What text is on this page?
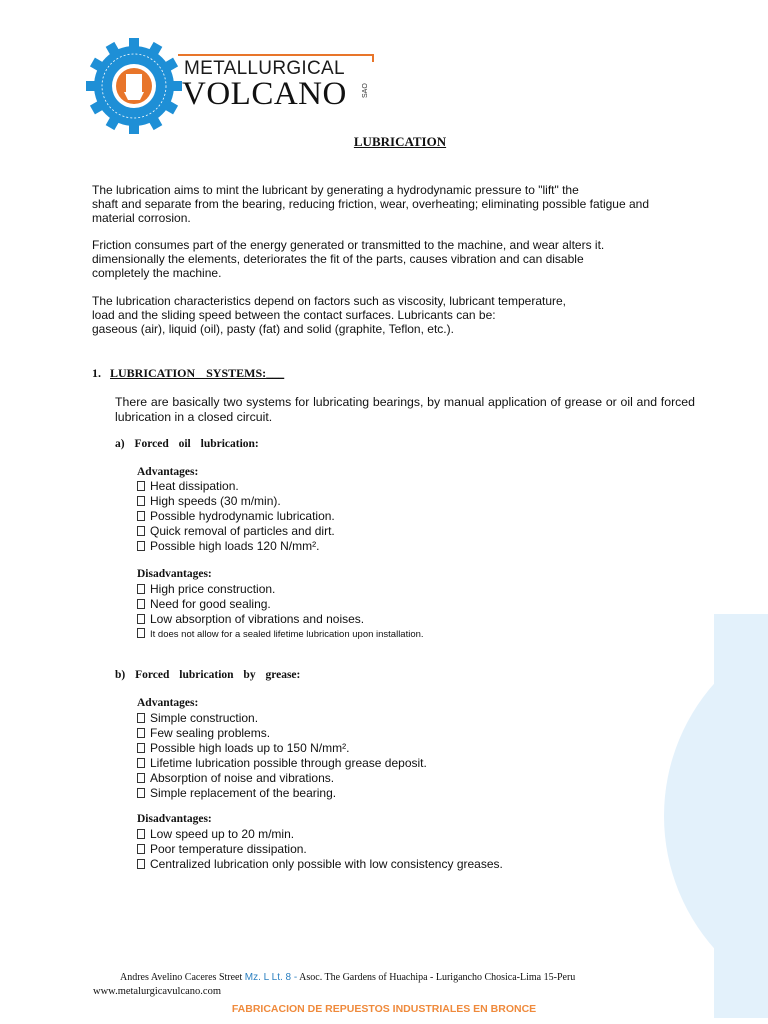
METALLURGICAL
VOLCANO SAO
LUBRICATION

The lubrication aims to mint the lubricant by generating a hydrodynamic pressure to "lift" the
shaft and separate from the bearing, reducing friction, wear, overheating; eliminating possible fatigue and
material corrosion.

Friction consumes part of the energy generated or transmitted to the machine, and wear alters it.
dimensionally the elements, deteriorates the fit of the parts, causes vibration and can disable
completely the machine.

The lubrication characteristics depend on factors such as viscosity, lubricant temperature,
load and the sliding speed between the contact surfaces. Lubricants can be:
gaseous (air), liquid (oil), pasty (fat) and solid (graphite, Teflon, etc.).

1. LUBRICATION SYSTEMS:___

There are basically two systems for lubricating bearings, by manual application of grease or oil and forced lubrication in a closed circuit.

a) Forced oil lubrication:
Advantages:
Heat dissipation.
High speeds (30 m/min).
Possible hydrodynamic lubrication.
Quick removal of particles and dirt.
Possible high loads 120 N/mm².
Disadvantages:
High price construction.
Need for good sealing.
Low absorption of vibrations and noises.
It does not allow for a sealed lifetime lubrication upon installation.
b) Forced lubrication by grease:
Advantages:
Simple construction.
Few sealing problems.
Possible high loads up to 150 N/mm².
Lifetime lubrication possible through grease deposit.
Absorption of noise and vibrations.
Simple replacement of the bearing.
Disadvantages:
Low speed up to 20 m/min.
Poor temperature dissipation.
Centralized lubrication only possible with low consistency greases.
Andres Avelino Caceres Street Mz. L Lt. 8 - Asoc. The Gardens of Huachipa - Lurigancho Chosica-Lima 15-Peru
www.metalurgicavulcano.com
FABRICACION DE REPUESTOS INDUSTRIALES EN BRONCE
